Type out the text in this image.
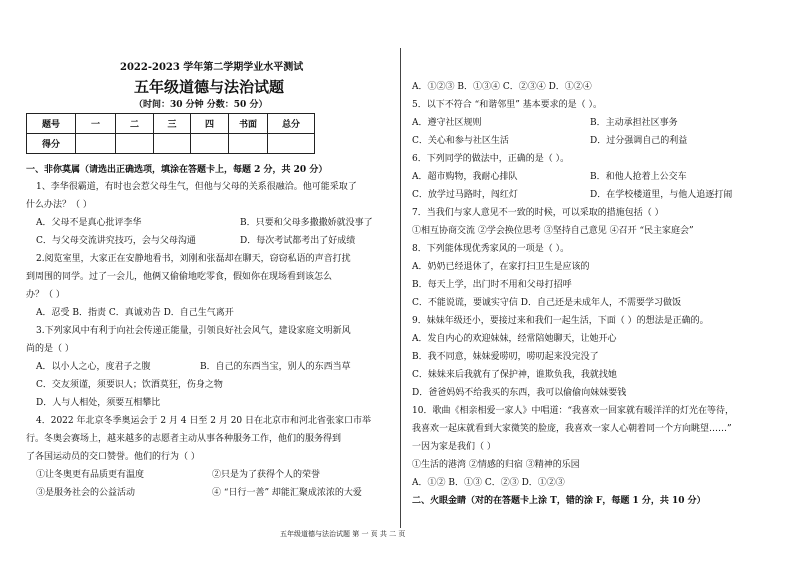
2022-2023 学年第二学期学业水平测试
五年级道德与法治试题
（时间：30 分钟 分数：50 分）
题号	一	二	三	四	书面	总分
得分						
一、非你莫属（请选出正确选项，填涂在答题卡上，每题 2 分，共 20 分）
1、李华很霸道，有时也会惹父母生气，但他与父母的关系很融洽。他可能采取了
什么办法？（ ）
A．父母不是真心批评李华	B．只要和父母多撒撒娇就没事了
C．与父母交流讲究技巧，会与父母沟通	D．每次考试都考出了好成绩
2.阅览室里，大家正在安静地看书，刘刚和张磊却在聊天，窃窃私语的声音打扰
到周围的同学。过了一会儿，他俩又偷偷地吃零食，假如你在现场看到该怎么
办？（ ）
A．忍受 B．指责 C．真诚劝告 D．自己生气离开
3.下列家风中有利于向社会传递正能量，引领良好社会风气，建设家庭文明新风
尚的是（ ）
A．以小人之心，度君子之腹	B．自己的东西当宝，别人的东西当草
C．交友须谨，须要识人；饮酒莫狂，伤身之物
D．人与人相处，须要互相攀比
4．2022 年北京冬季奥运会于 2 月 4 日至 2 月 20 日在北京市和河北省张家口市举
行。冬奥会赛场上，越来越多的志愿者主动从事各种服务工作，他们的服务得到
了各国运动员的交口赞誉。他们的行为（ ）
①让冬奥更有品质更有温度	②只是为了获得个人的荣誉
③是服务社会的公益活动	④ “日行一善” 却能汇聚成浓浓的大爱
A．①②③ B．①③④ C．②③④ D．①②④
5．以下不符合 “和谐邻里” 基本要求的是（ ）。
A．遵守社区规则	B．主动承担社区事务
C．关心和参与社区生活	D．过分强调自己的利益
6．下列同学的做法中，正确的是（ ）。
A．超市购物，我耐心排队	B．和他人抢着上公交车
C．放学过马路时，闯红灯	D．在学校楼道里，与他人追逐打闹
7．当我们与家人意见不一致的时候，可以采取的措施包括（ ）
①相互协商交流 ②学会换位思考 ③坚持自己意见 ④召开 “民主家庭会”
8．下列能体现优秀家风的一项是（ ）。
A．奶奶已经退休了，在家打扫卫生是应该的
B．每天上学，出门时不用和父母打招呼
C．不能说谎，要诚实守信 D．自己还是未成年人，不需要学习做饭
9．妹妹年级还小，要接过来和我们一起生活，下面（ ）的想法是正确的。
A．发自内心的欢迎妹妹，经常陪她聊天，让她开心
B．我不同意，妹妹爱唠叨，唠叨起来没完没了
C．妹妹来后我就有了保护神，谁欺负我，我就找她
D．爸爸妈妈不给我买的东西，我可以偷偷向妹妹要钱
10．歌曲《相亲相爱一家人》中唱道：“我喜欢一回家就有暖洋洋的灯光在等待，
我喜欢一起床就看到大家微笑的脸庞，我喜欢一家人心朝着同一个方向眺望……”
一因为家是我们（ ）
①生活的港湾 ②情感的归宿 ③精神的乐园
A．①② B．①③ C．②③ D．①②③
二、火眼金睛（对的在答题卡上涂 T，错的涂 F，每题 1 分，共 10 分）
五年级道德与法治试题 第 一 页 共 二 页
